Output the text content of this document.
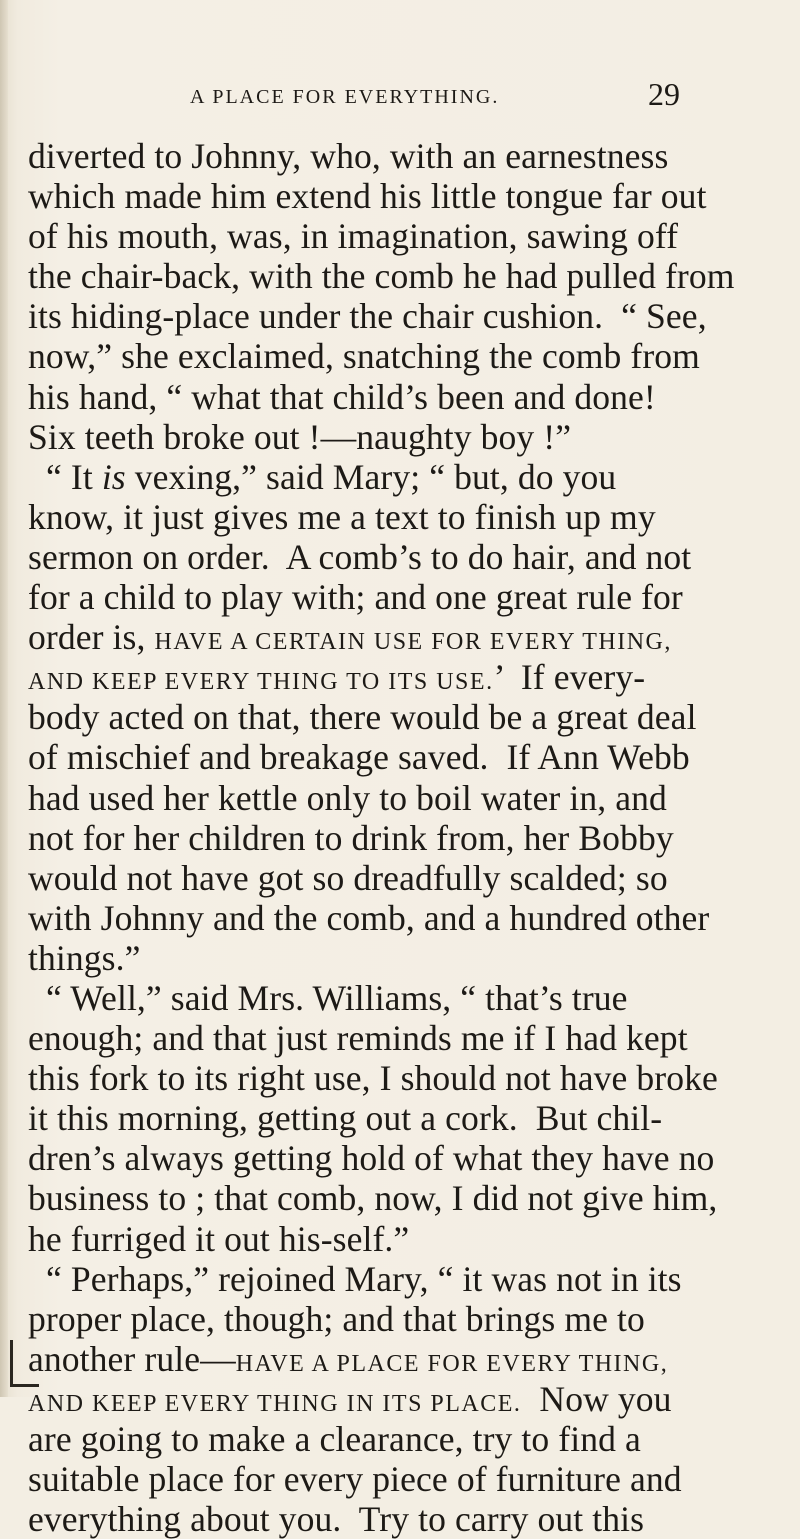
A PLACE FOR EVERYTHING.	29
diverted to Johnny, who, with an earnestness
which made him extend his little tongue far out
of his mouth, was, in imagination, sawing off
the chair-back, with the comb he had pulled from
its hiding-place under the chair cushion.  “ See,
now,” she exclaimed, snatching the comb from
his hand, “ what that child’s been and done!
Six teeth broke out !—naughty boy !”
“ It is vexing,” said Mary; “ but, do you
know, it just gives me a text to finish up my
sermon on order.  A comb’s to do hair, and not
for a child to play with; and one great rule for
order is, HAVE A CERTAIN USE FOR EVERY THING,
AND KEEP EVERY THING TO ITS USE.’  If every-
body acted on that, there would be a great deal
of mischief and breakage saved.  If Ann Webb
had used her kettle only to boil water in, and
not for her children to drink from, her Bobby
would not have got so dreadfully scalded; so
with Johnny and the comb, and a hundred other
things.”
“ Well,” said Mrs. Williams, “ that’s true
enough; and that just reminds me if I had kept
this fork to its right use, I should not have broke
it this morning, getting out a cork.  But chil-
dren’s always getting hold of what they have no
business to ; that comb, now, I did not give him,
he furriged it out his-self.”
“ Perhaps,” rejoined Mary, “ it was not in its
proper place, though; and that brings me to
another rule—HAVE A PLACE FOR EVERY THING,
AND KEEP EVERY THING IN ITS PLACE.  Now you
are going to make a clearance, try to find a
suitable place for every piece of furniture and
everything about you.  Try to carry out this
